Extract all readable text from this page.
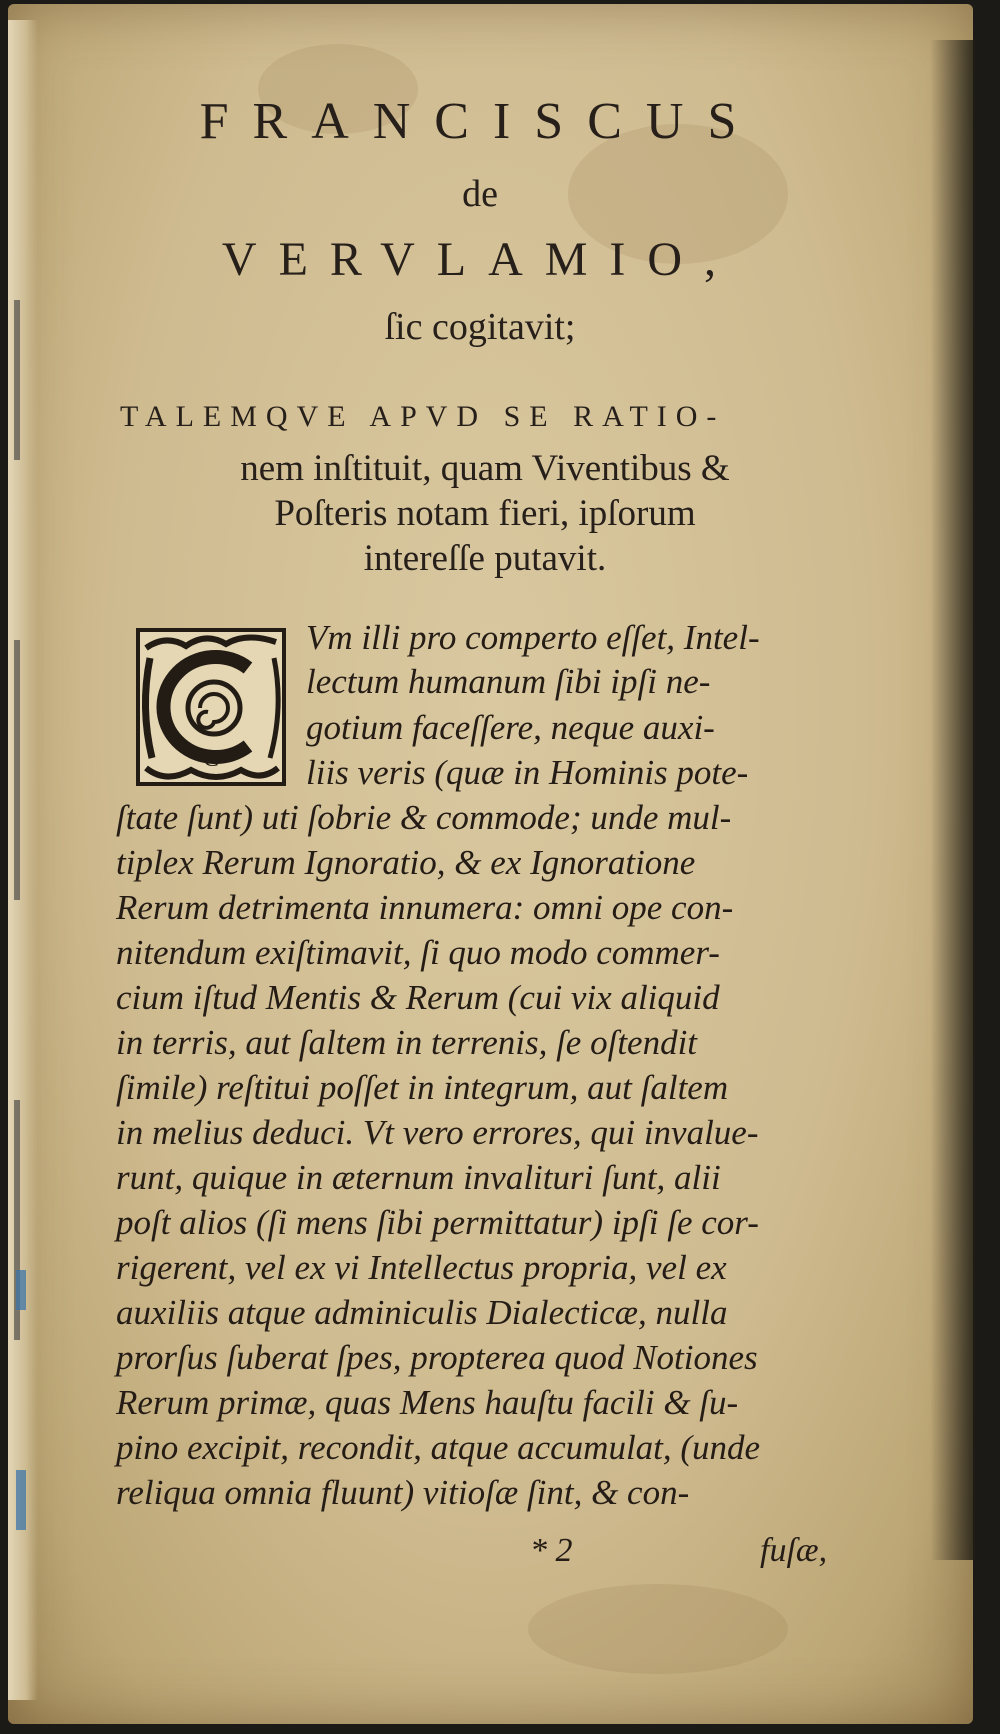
FRANCISCUS
de
VERVLAMIO,
ſic cogitavit;
TALEMQVE APVD SE RATIO-
nem inſtituit, quam Viventibus &
Poſteris notam fieri, ipſorum
intereſſe putavit.
C
Vm illi pro comperto eſſet, Intel-
lectum humanum ſibi ipſi ne-
gotium faceſſere, neque auxi-
liis veris (quæ in Hominis pote-
ſtate ſunt) uti ſobrie & commode; unde mul-
tiplex Rerum Ignoratio, & ex Ignoratione
Rerum detrimenta innumera: omni ope con-
nitendum exiſtimavit, ſi quo modo commer-
cium iſtud Mentis & Rerum (cui vix aliquid
in terris, aut ſaltem in terrenis, ſe oſtendit
ſimile) reſtitui poſſet in integrum, aut ſaltem
in melius deduci. Vt vero errores, qui invalue-
runt, quique in æternum invalituri ſunt, alii
poſt alios (ſi mens ſibi permittatur) ipſi ſe cor-
rigerent, vel ex vi Intellectus propria, vel ex
auxiliis atque adminiculis Dialecticæ, nulla
prorſus ſuberat ſpes, propterea quod Notiones
Rerum primæ, quas Mens hauſtu facili & ſu-
pino excipit, recondit, atque accumulat, (unde
reliqua omnia fluunt) vitioſæ ſint, & con-
* 2	fuſæ,
